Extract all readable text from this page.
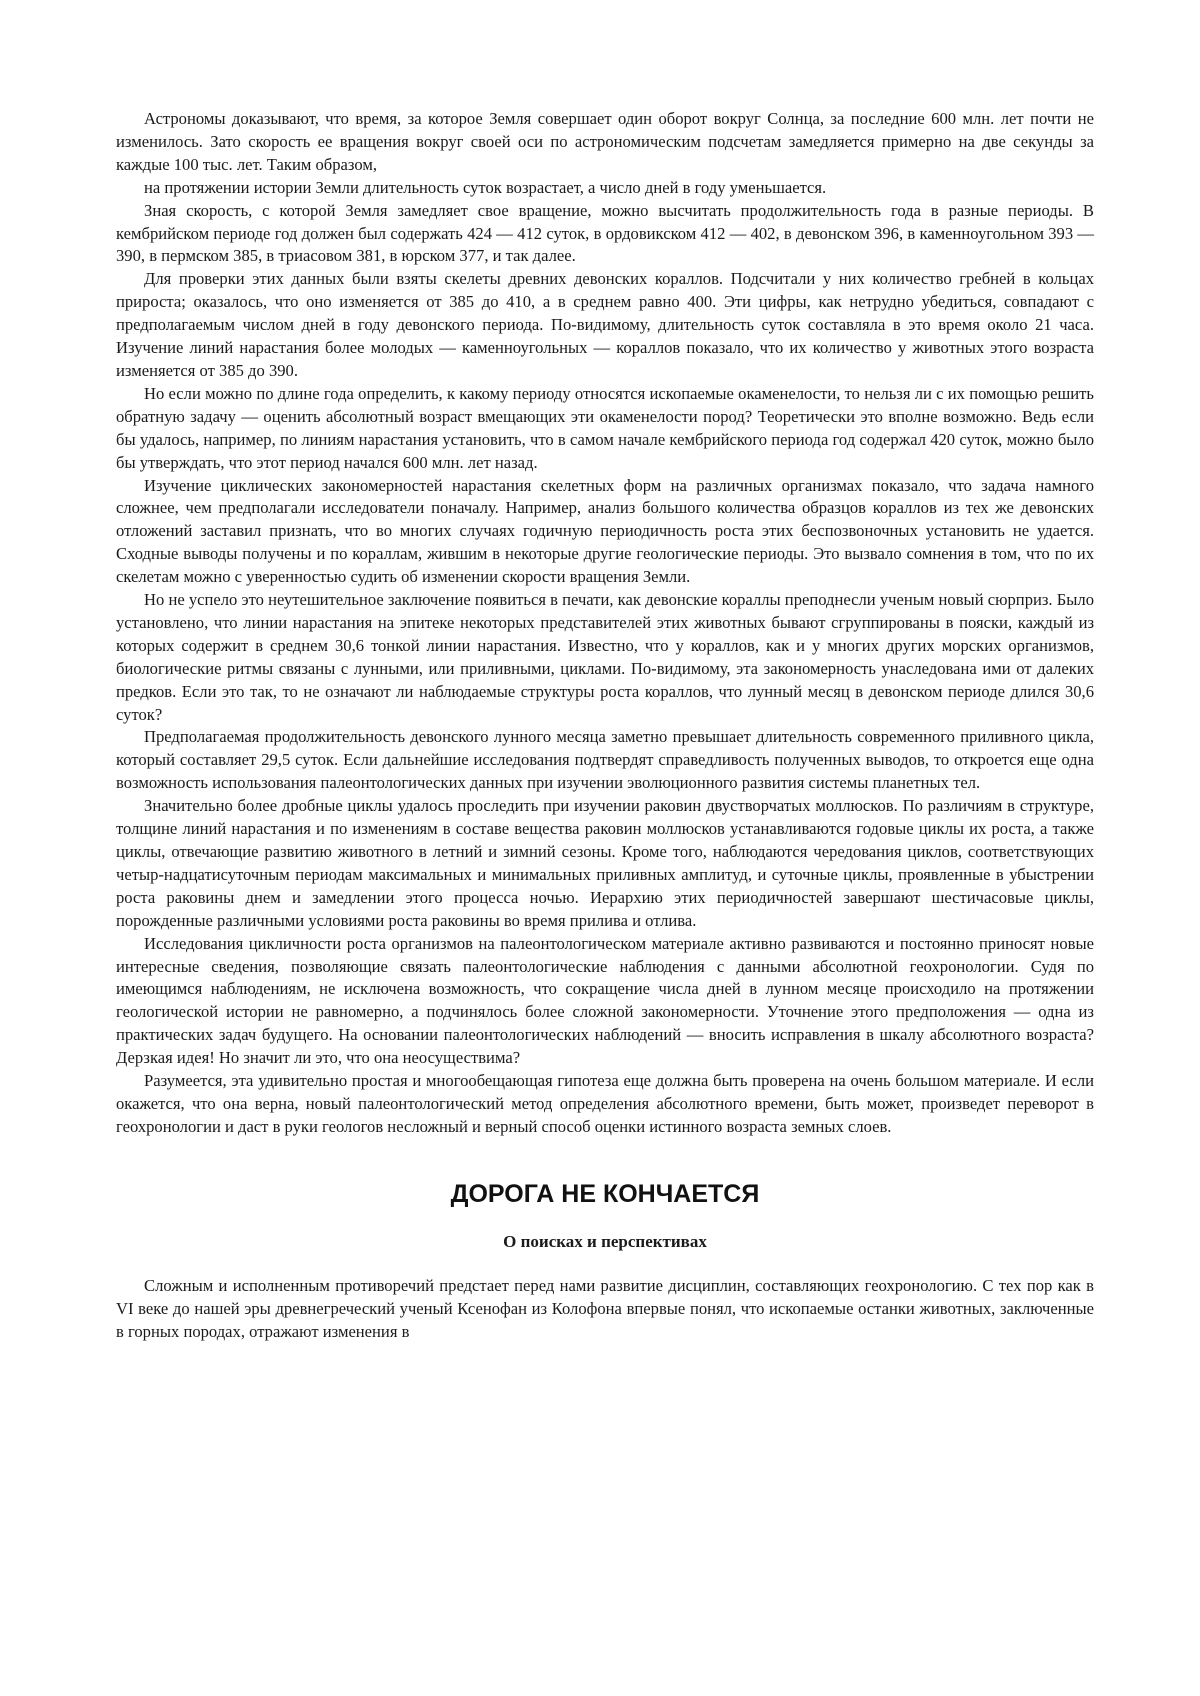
Астрономы доказывают, что время, за которое Земля совершает один оборот вокруг Солнца, за последние 600 млн. лет почти не изменилось. Зато скорость ее вращения вокруг своей оси по астрономическим подсчетам замедляется примерно на две секунды за каждые 100 тыс. лет. Таким образом,

на протяжении истории Земли длительность суток возрастает, а число дней в году уменьшается.

Зная скорость, с которой Земля замедляет свое вращение, можно высчитать продолжительность года в разные периоды. В кембрийском периоде год должен был содержать 424 — 412 суток, в ордовикском 412 — 402, в девонском 396, в каменноугольном 393 — 390, в пермском 385, в триасовом 381, в юрском 377, и так далее.

Для проверки этих данных были взяты скелеты древних девонских кораллов. Подсчитали у них количество гребней в кольцах прироста; оказалось, что оно изменяется от 385 до 410, а в среднем равно 400. Эти цифры, как нетрудно убедиться, совпадают с предполагаемым числом дней в году девонского периода. По-видимому, длительность суток составляла в это время около 21 часа. Изучение линий нарастания более молодых — каменноугольных — кораллов показало, что их количество у животных этого возраста изменяется от 385 до 390.

Но если можно по длине года определить, к какому периоду относятся ископаемые окаменелости, то нельзя ли с их помощью решить обратную задачу — оценить абсолютный возраст вмещающих эти окаменелости пород? Теоретически это вполне возможно. Ведь если бы удалось, например, по линиям нарастания установить, что в самом начале кембрийского периода год содержал 420 суток, можно было бы утверждать, что этот период начался 600 млн. лет назад.

Изучение циклических закономерностей нарастания скелетных форм на различных организмах показало, что задача намного сложнее, чем предполагали исследователи поначалу. Например, анализ большого количества образцов кораллов из тех же девонских отложений заставил признать, что во многих случаях годичную периодичность роста этих беспозвоночных установить не удается. Сходные выводы получены и по кораллам, жившим в некоторые другие геологические периоды. Это вызвало сомнения в том, что по их скелетам можно с уверенностью судить об изменении скорости вращения Земли.

Но не успело это неутешительное заключение появиться в печати, как девонские кораллы преподнесли ученым новый сюрприз. Было установлено, что линии нарастания на эпитеке некоторых представителей этих животных бывают сгруппированы в пояски, каждый из которых содержит в среднем 30,6 тонкой линии нарастания. Известно, что у кораллов, как и у многих других морских организмов, биологические ритмы связаны с лунными, или приливными, циклами. По-видимому, эта закономерность унаследована ими от далеких предков. Если это так, то не означают ли наблюдаемые структуры роста кораллов, что лунный месяц в девонском периоде длился 30,6 суток?

Предполагаемая продолжительность девонского лунного месяца заметно превышает длительность современного приливного цикла, который составляет 29,5 суток. Если дальнейшие исследования подтвердят справедливость полученных выводов, то откроется еще одна возможность использования палеонтологических данных при изучении эволюционного развития системы планетных тел.

Значительно более дробные циклы удалось проследить при изучении раковин двустворчатых моллюсков. По различиям в структуре, толщине линий нарастания и по изменениям в составе вещества раковин моллюсков устанавливаются годовые циклы их роста, а также циклы, отвечающие развитию животного в летний и зимний сезоны. Кроме того, наблюдаются чередования циклов, соответствующих четыр-надцатисуточным периодам максимальных и минимальных приливных амплитуд, и суточные циклы, проявленные в убыстрении роста раковины днем и замедлении этого процесса ночью. Иерархию этих периодичностей завершают шестичасовые циклы, порожденные различными условиями роста раковины во время прилива и отлива.

Исследования цикличности роста организмов на палеонтологическом материале активно развиваются и постоянно приносят новые интересные сведения, позволяющие связать палеонтологические наблюдения с данными абсолютной геохронологии. Судя по имеющимся наблюдениям, не исключена возможность, что сокращение числа дней в лунном месяце происходило на протяжении геологической истории не равномерно, а подчинялось более сложной закономерности. Уточнение этого предположения — одна из практических задач будущего. На основании палеонтологических наблюдений — вносить исправления в шкалу абсолютного возраста? Дерзкая идея! Но значит ли это, что она неосуществима?

Разумеется, эта удивительно простая и многообещающая гипотеза еще должна быть проверена на очень большом материале. И если окажется, что она верна, новый палеонтологический метод определения абсолютного времени, быть может, произведет переворот в геохронологии и даст в руки геологов несложный и верный способ оценки истинного возраста земных слоев.

ДОРОГА НЕ КОНЧАЕТСЯ
О поисках и перспективах

Сложным и исполненным противоречий предстает перед нами развитие дисциплин, составляющих геохронологию. С тех пор как в VI веке до нашей эры древнегреческий ученый Ксенофан из Колофона впервые понял, что ископаемые останки животных, заключенные в горных породах, отражают изменения в
